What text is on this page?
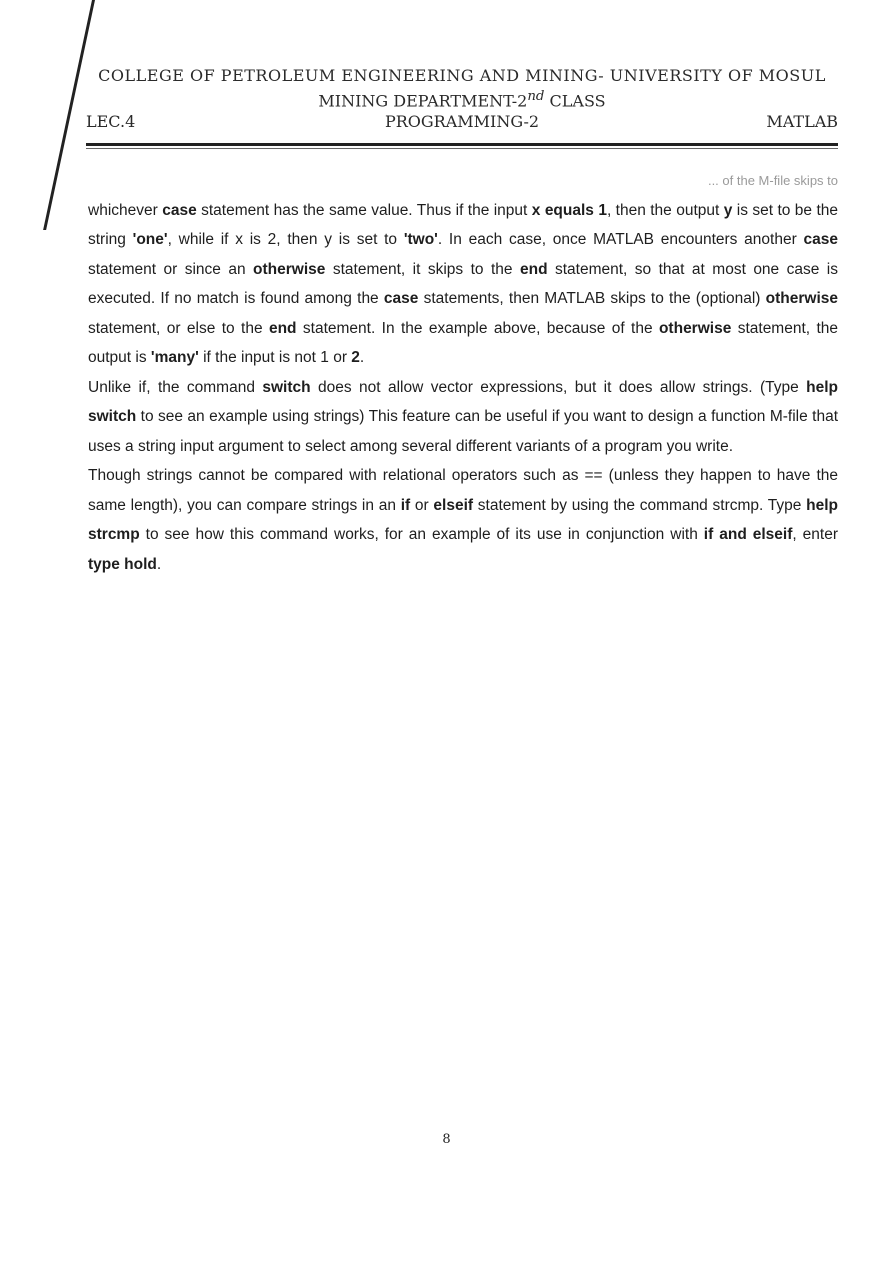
COLLEGE OF PETROLEUM ENGINEERING AND MINING- UNIVERSITY OF MOSUL
MINING DEPARTMENT-2nd CLASS
LEC.4	PROGRAMMING-2	MATLAB
... of the M-file skips to

whichever case statement has the same value. Thus if the input x equals 1, then the output y is set to be the string 'one', while if x is 2, then y is set to 'two'. In each case, once MATLAB encounters another case statement or since an otherwise statement, it skips to the end statement, so that at most one case is executed. If no match is found among the case statements, then MATLAB skips to the (optional) otherwise statement, or else to the end statement. In the example above, because of the otherwise statement, the output is 'many' if the input is not 1 or 2.

Unlike if, the command switch does not allow vector expressions, but it does allow strings. (Type help switch to see an example using strings) This feature can be useful if you want to design a function M-file that uses a string input argument to select among several different variants of a program you write.

Though strings cannot be compared with relational operators such as == (unless they happen to have the same length), you can compare strings in an if or elseif statement by using the command strcmp. Type help strcmp to see how this command works, for an example of its use in conjunction with if and elseif, enter type hold.

8
